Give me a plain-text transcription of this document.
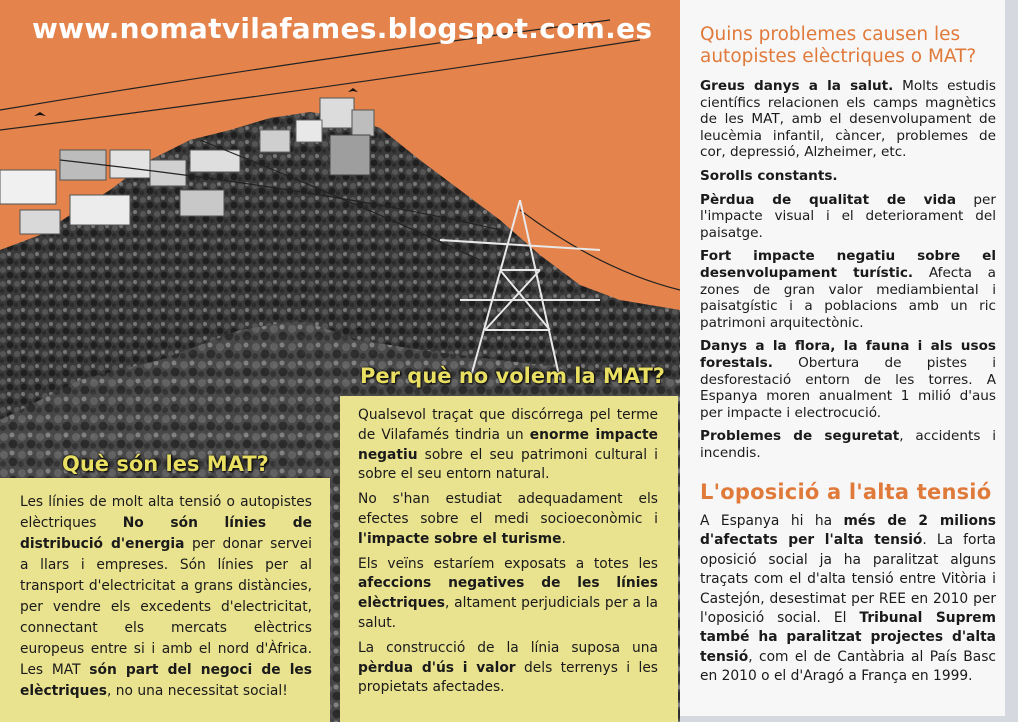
www.nomatvilafames.blogspot.com.es	Quins problemes causen les autopistes elèctriques o MAT?

Greus danys a la salut. Molts estudis científics relacionen els camps magnètics de les MAT, amb el desenvolupament de leucèmia infantil, càncer, problemes de cor, depressió, Alzheimer, etc.

Sorolls constants.

Pèrdua de qualitat de vida per l'impacte visual i el deteriorament del paisatge.

Fort impacte negatiu sobre el desenvolupament turístic. Afecta a zones de gran valor mediambiental i paisatgístic i a poblacions amb un ric patrimoni arquitectònic.

Danys a la flora, la fauna i als usos forestals. Obertura de pistes i desforestació entorn de les torres. A Espanya moren anualment 1 milió d'aus per impacte i electrocució.

Problemes de seguretat, accidents i incendis.

L'oposició a l'alta tensió
A Espanya hi ha més de 2 milions d'afectats per l'alta tensió. La forta oposició social ja ha paralitzat alguns traçats com el d'alta tensió entre Vitòria i Castejón, desestimat per REE en 2010 per l'oposició social. El Tribunal Suprem també ha paralitzat projectes d'alta tensió, com el de Cantàbria al País Basc en 2010 o el d'Aragó a França en 1999.
Què són les MAT?
Per què no volem la MAT?
Les línies de molt alta tensió o autopistes elèctriques No són línies de distribució d'energia per donar servei a llars i empreses. Són línies per al transport d'electricitat a grans distàncies, per vendre els excedents d'electricitat, connectant els mercats elèctrics europeus entre si i amb el nord d'Àfrica. Les MAT són part del negoci de les elèctriques, no una necessitat social!

Qualsevol traçat que discórrega pel terme de Vilafamés tindria un enorme impacte negatiu sobre el seu patrimoni cultural i sobre el seu entorn natural.

No s'han estudiat adequadament els efectes sobre el medi socioeconòmic i l'impacte sobre el turisme.

Els veïns estaríem exposats a totes les afeccions negatives de les línies elèctriques, altament perjudicials per a la salut.

La construcció de la línia suposa una pèrdua d'ús i valor dels terrenys i les propietats afectades.
